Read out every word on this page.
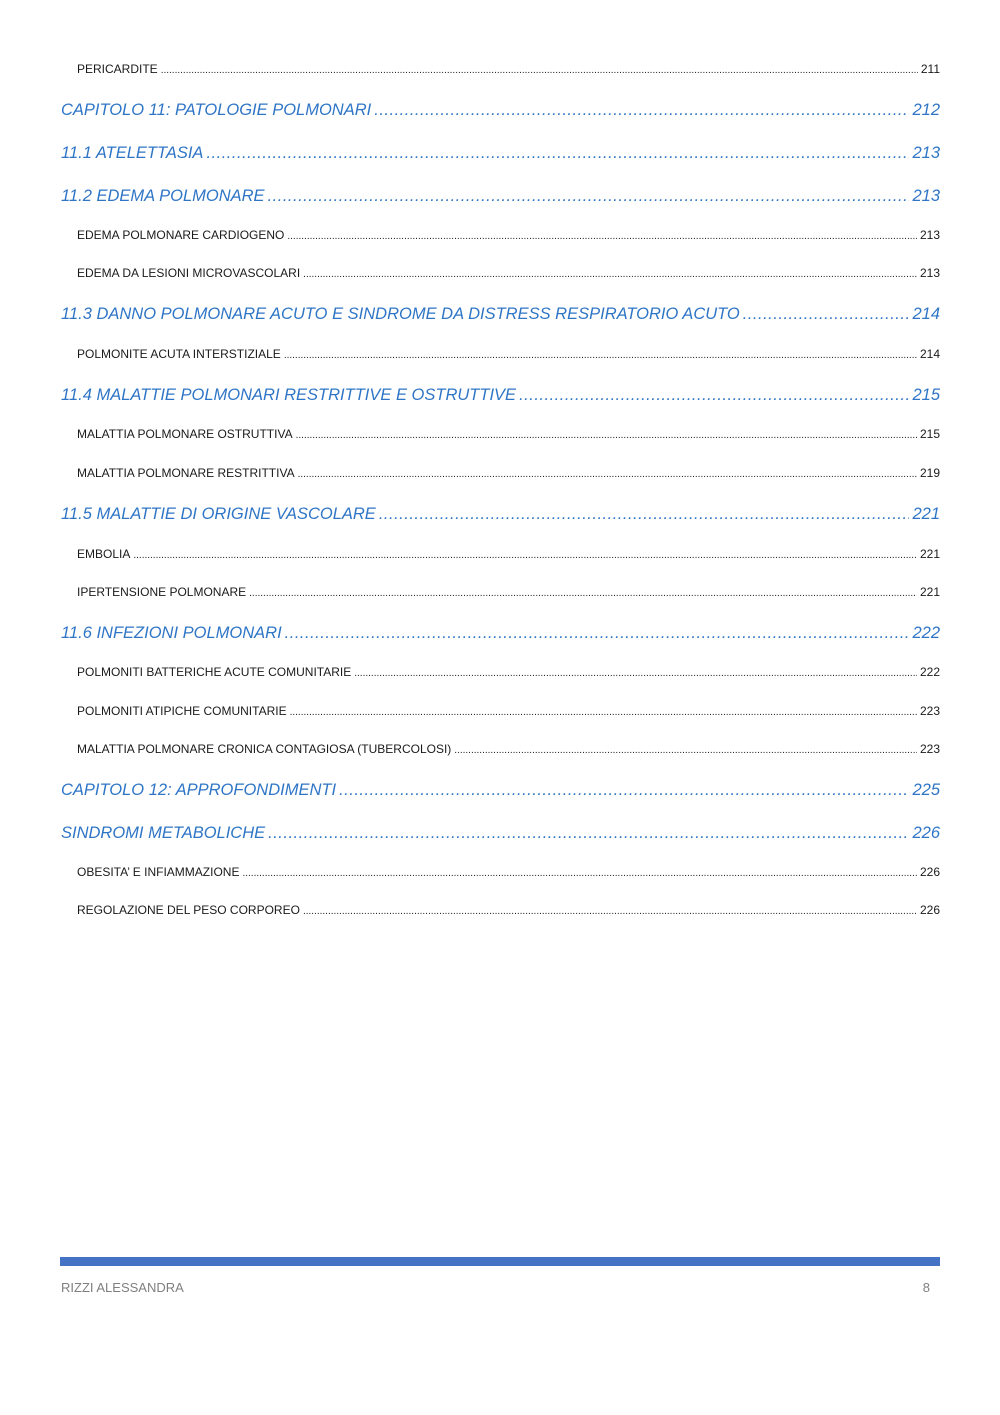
PERICARDITE .....	211
CAPITOLO 11: PATOLOGIE POLMONARI .....	212
11.1 ATELETTASIA .....	213
11.2 EDEMA POLMONARE .....	213
EDEMA POLMONARE CARDIOGENO .....	213
EDEMA DA LESIONI MICROVASCOLARI .....	213
11.3 DANNO POLMONARE ACUTO E SINDROME DA DISTRESS RESPIRATORIO ACUTO .....	214
POLMONITE ACUTA INTERSTIZIALE .....	214
11.4 MALATTIE POLMONARI RESTRITTIVE E OSTRUTTIVE .....	215
MALATTIA POLMONARE OSTRUTTIVA .....	215
MALATTIA POLMONARE RESTRITTIVA .....	219
11.5 MALATTIE DI ORIGINE VASCOLARE .....	221
EMBOLIA .....	221
IPERTENSIONE POLMONARE .....	221
11.6 INFEZIONI POLMONARI .....	222
POLMONITI BATTERICHE ACUTE COMUNITARIE .....	222
POLMONITI ATIPICHE COMUNITARIE .....	223
MALATTIA POLMONARE CRONICA CONTAGIOSA (TUBERCOLOSI) .....	223
CAPITOLO 12: APPROFONDIMENTI .....	225
SINDROMI METABOLICHE .....	226
OBESITA’ E INFIAMMAZIONE .....	226
REGOLAZIONE DEL PESO CORPOREO .....	226
RIZZI ALESSANDRA	8
